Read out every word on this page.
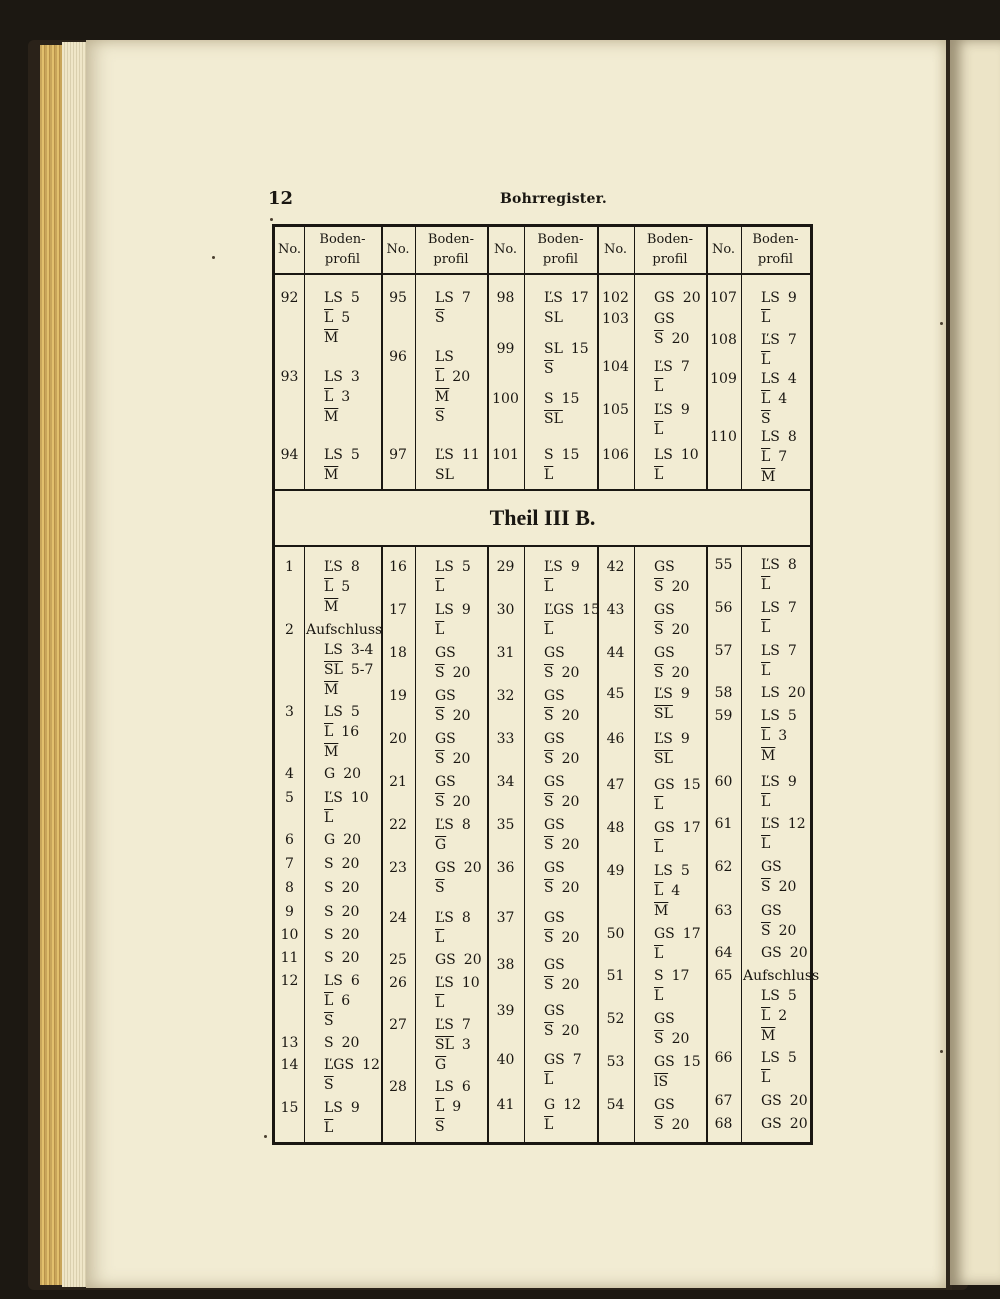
12	Bohrregister.
No.
Boden-
profil
No.
Boden-
profil
No.
Boden-
profil
No.
Boden-
profil
No.
Boden-
profil
Theil III B.
92	LS 5
$\overline{L}$ 5
$\overline{M}$
93	LS 3
$\overline{L}$ 3
$\overline{M}$
94	LS 5
$\overline{M}$
95	LS 7
$\overline{S}$
96	LS
$\overline{L}$ 20
$\overline{M}$
$\overline{S}$
97	ĽS 11
SL
98	ĽS 17
SL
99	SL 15
$\overline{S}$
100	S 15
$\overline{SL}$
101	S 15
$\overline{L}$
102	GS 20
103	GS
$\overline{S}$ 20
104	ĽS 7
$\overline{L}$
105	ĽS 9
$\overline{L}$
106	LS 10
$\overline{L}$
107 LS 9
$\overline{L}$
108 ĽS 7
$\overline{L}$
109 LS 4
$\overline{L}$ 4
$\overline{S}$
110 LS 8
$\overline{L}$ 7
$\overline{M}$
1	ĽS 8
$\overline{L}$ 5
$\overline{M}$
2 Aufschluss
LS 3-4
$\overline{SL}$ 5-7
$\overline{M}$
3	LS 5
$\overline{L}$ 16
$\overline{M}$
4	G 20
5	ĽS 10
$\overline{L}$
6	G 20
7	S 20
8	S 20
9	S 20
10	S 20
11	S 20
12	LS 6
$\overline{L}$ 6
$\overline{S}$
13	S 20
14	ĽGS 12
$\overline{S}$
15	LS 9
$\overline{L}$
16	LS 5
$\overline{L}$
17	LS 9
$\overline{L}$
18	GS
$\overline{S}$ 20
19	GS
$\overline{S}$ 20
20	GS
$\overline{S}$ 20
21	GS
$\overline{S}$ 20
22	ĽS 8
$\overline{G}$
23	GS 20
$\overline{S}$
24	ĽS 8
$\overline{L}$
25	GS 20
26	ĽS 10
$\overline{L}$
27	ĽS 7
$\overline{SL}$ 3
$\overline{G}$
28	LS 6
$\overline{L}$ 9
$\overline{S}$
29	ĽS 9
$\overline{L}$
30	ĽGS 15
$\overline{L}$
31	GS
$\overline{S}$ 20
32	GS
$\overline{S}$ 20
33	GS
$\overline{S}$ 20
34	GS
$\overline{S}$ 20
35	GS
$\overline{S}$ 20
36	GS
$\overline{S}$ 20
37	GS
$\overline{S}$ 20
38	GS
$\overline{S}$ 20
39	GS
$\overline{S}$ 20
40	GS 7
$\overline{L}$
41	G 12
$\overline{L}$
42	GS
$\overline{S}$ 20
43	GS
$\overline{S}$ 20
44	GS
$\overline{S}$ 20
45	ĽS 9
$\overline{SL}$
46	ĽS 9
$\overline{SL}$
47	GS 15
$\overline{L}$
48	GS 17
$\overline{L}$
49	LS 5
$\overline{L}$ 4
$\overline{M}$
50	GS 17
$\overline{L}$
51	S 17
$\overline{L}$
52	GS
$\overline{S}$ 20
53	GS 15
$\overline{lS}$
54	GS
$\overline{S}$ 20
55	ĽS 8
$\overline{L}$
56	LS 7
$\overline{L}$
57	LS 7
$\overline{L}$
58	LS 20
59	LS 5
$\overline{L}$ 3
$\overline{M}$
60	ĽS 9
$\overline{L}$
61	ĽS 12
$\overline{L}$
62	GS
$\overline{S}$ 20
63	GS
$\overline{S}$ 20
64	GS 20
65 Aufschluss
LS 5
$\overline{L}$ 2
$\overline{M}$
66	LS 5
$\overline{L}$
67	GS 20
68	GS 20
